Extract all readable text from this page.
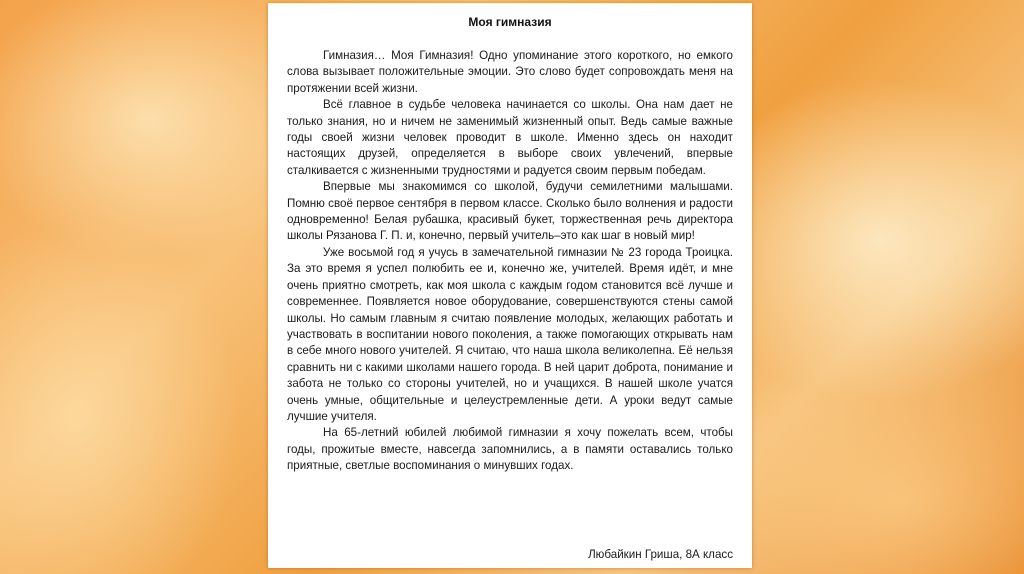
Моя гимназия

Гимназия… Моя Гимназия! Одно упоминание этого короткого, но емкого слова вызывает положительные эмоции. Это слово будет сопровождать меня на протяжении всей жизни.

Всё главное в судьбе человека начинается со школы. Она нам дает не только знания, но и ничем не заменимый жизненный опыт. Ведь самые важные годы своей жизни человек проводит в школе. Именно здесь он находит настоящих друзей, определяется в выборе своих увлечений, впервые сталкивается с жизненными трудностями и радуется своим первым победам.

Впервые мы знакомимся со школой, будучи семилетними малышами. Помню своё первое сентября в первом классе. Сколько было волнения и радости одновременно! Белая рубашка, красивый букет, торжественная речь директора школы Рязанова Г. П. и, конечно, первый учитель–это как шаг в новый мир!

Уже восьмой год я учусь в замечательной гимназии № 23 города Троицка. За это время я успел полюбить ее и, конечно же, учителей. Время идёт, и мне очень приятно смотреть, как моя школа с каждым годом становится всё лучше и современнее. Появляется новое оборудование, совершенствуются стены самой школы. Но самым главным я считаю появление молодых, желающих работать и участвовать в воспитании нового поколения, а также помогающих открывать нам в себе много нового учителей. Я считаю, что наша школа великолепна. Её нельзя сравнить ни с какими школами нашего города. В ней царит доброта, понимание и забота не только со стороны учителей, но и учащихся. В нашей школе учатся очень умные, общительные и целеустремленные дети. А уроки ведут самые лучшие учителя.

На 65-летний юбилей любимой гимназии я хочу пожелать всем, чтобы годы, прожитые вместе, навсегда запомнились, а в памяти оставались только приятные, светлые воспоминания о минувших годах.

Любайкин Гриша, 8А класс
